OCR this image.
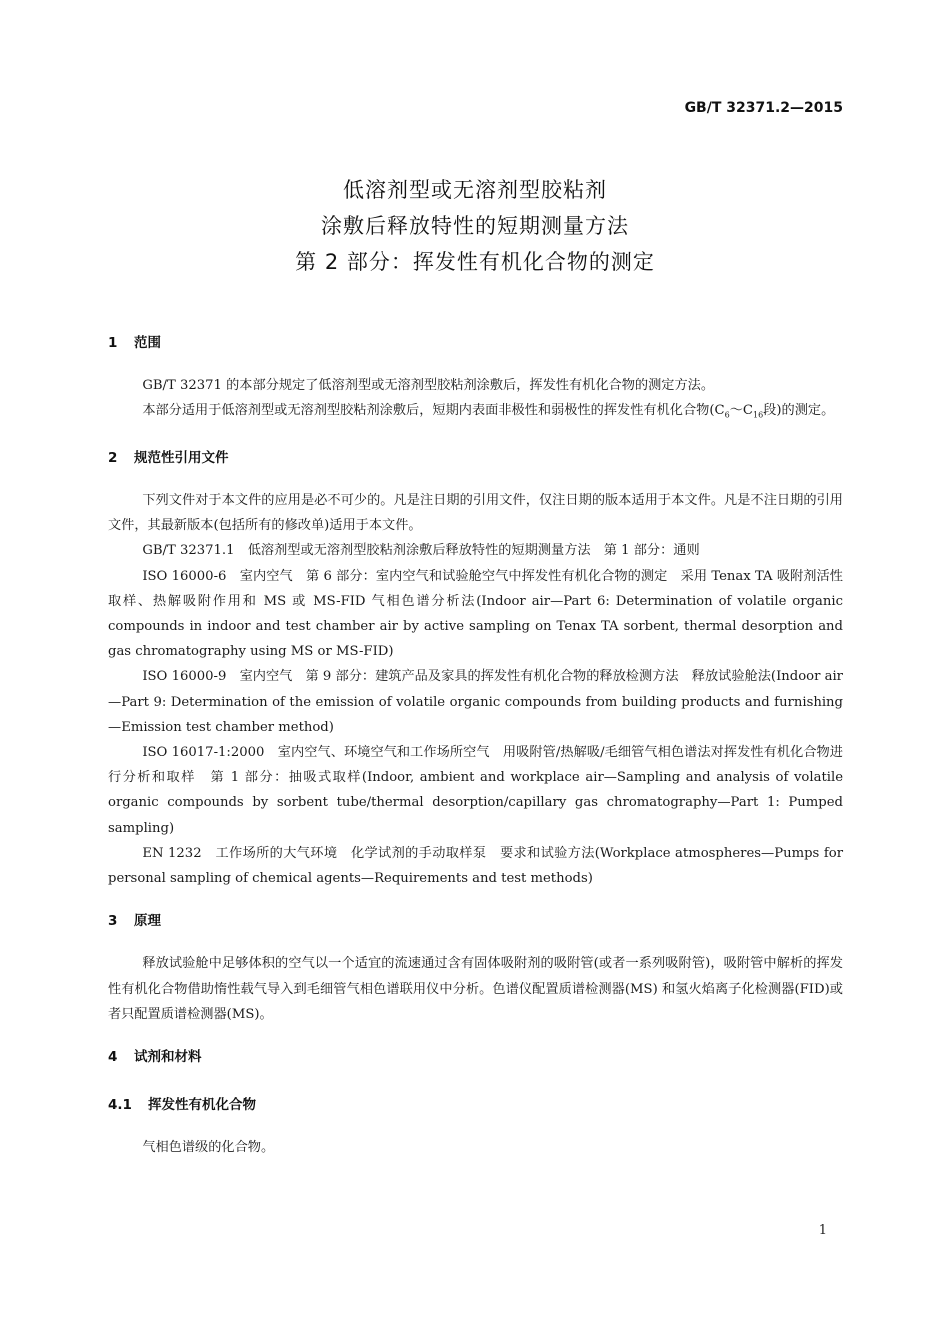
GB/T 32371.2—2015
低溶剂型或无溶剂型胶粘剂
涂敷后释放特性的短期测量方法
第 2 部分：挥发性有机化合物的测定
1 范围

GB/T 32371 的本部分规定了低溶剂型或无溶剂型胶粘剂涂敷后，挥发性有机化合物的测定方法。

本部分适用于低溶剂型或无溶剂型胶粘剂涂敷后，短期内表面非极性和弱极性的挥发性有机化合物($C_6\sim C_{16}$段)的测定。

2 规范性引用文件

下列文件对于本文件的应用是必不可少的。凡是注日期的引用文件，仅注日期的版本适用于本文件。凡是不注日期的引用文件，其最新版本(包括所有的修改单)适用于本文件。

GB/T 32371.1　低溶剂型或无溶剂型胶粘剂涂敷后释放特性的短期测量方法　第 1 部分：通则

ISO 16000-6　室内空气　第 6 部分：室内空气和试验舱空气中挥发性有机化合物的测定　采用 Tenax TA 吸附剂活性取样、热解吸附作用和 MS 或 MS-FID 气相色谱分析法(Indoor air—Part 6: Determination of volatile organic compounds in indoor and test chamber air by active sampling on Tenax TA sorbent, thermal desorption and gas chromatography using MS or MS-FID)

ISO 16000-9　室内空气　第 9 部分：建筑产品及家具的挥发性有机化合物的释放检测方法　释放试验舱法(Indoor air—Part 9: Determination of the emission of volatile organic compounds from building products and furnishing—Emission test chamber method)

ISO 16017-1:2000　室内空气、环境空气和工作场所空气　用吸附管/热解吸/毛细管气相色谱法对挥发性有机化合物进行分析和取样　第 1 部分：抽吸式取样(Indoor, ambient and workplace air—Sampling and analysis of volatile organic compounds by sorbent tube/thermal desorption/capillary gas chromatography—Part 1: Pumped sampling)

EN 1232　工作场所的大气环境　化学试剂的手动取样泵　要求和试验方法(Workplace atmospheres—Pumps for personal sampling of chemical agents—Requirements and test methods)

3 原理

释放试验舱中足够体积的空气以一个适宜的流速通过含有固体吸附剂的吸附管(或者一系列吸附管)，吸附管中解析的挥发性有机化合物借助惰性载气导入到毛细管气相色谱联用仪中分析。色谱仪配置质谱检测器(MS) 和氢火焰离子化检测器(FID)或者只配置质谱检测器(MS)。

4 试剂和材料
4.1 挥发性有机化合物

气相色谱级的化合物。

1
